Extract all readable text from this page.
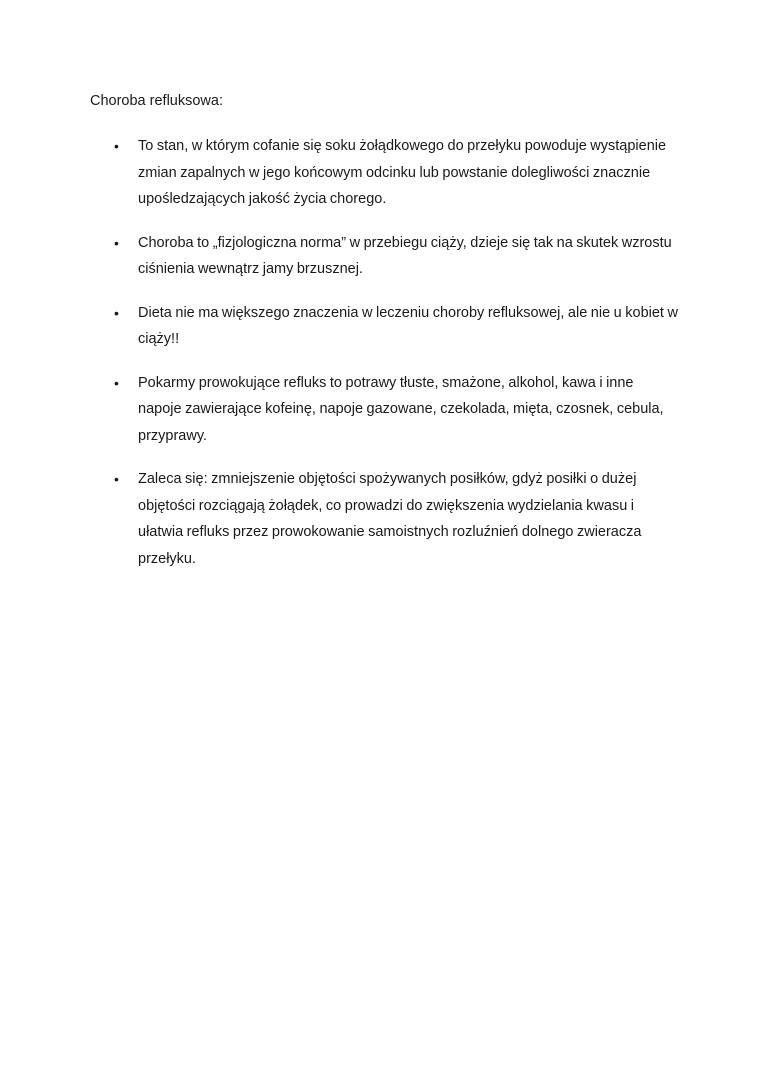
Choroba refluksowa:

•	To stan, w którym cofanie się soku żołądkowego do przełyku powoduje wystąpienie zmian zapalnych w jego końcowym odcinku lub powstanie dolegliwości znacznie upośledzających jakość życia chorego.
•	Choroba to „fizjologiczna norma” w przebiegu ciąży, dzieje się tak na skutek wzrostu ciśnienia wewnątrz jamy brzusznej.
•	Dieta nie ma większego znaczenia w leczeniu choroby refluksowej, ale nie u kobiet w ciąży!!
•	Pokarmy prowokujące refluks to potrawy tłuste, smażone, alkohol, kawa i inne napoje zawierające kofeinę, napoje gazowane, czekolada, mięta, czosnek, cebula, przyprawy.
•	Zaleca się: zmniejszenie objętości spożywanych posiłków, gdyż posiłki o dużej objętości rozciągają żołądek, co prowadzi do zwiększenia wydzielania kwasu i ułatwia refluks przez prowokowanie samoistnych rozluźnień dolnego zwieracza przełyku.
